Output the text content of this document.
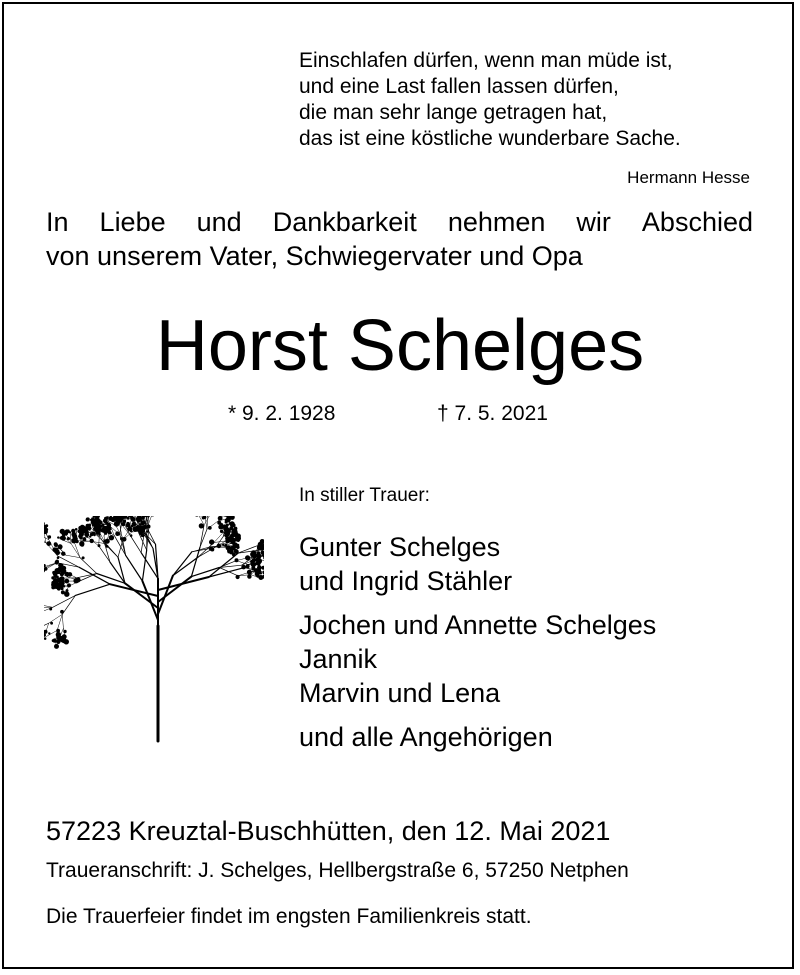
Einschlafen dürfen, wenn man müde ist,
und eine Last fallen lassen dürfen,
die man sehr lange getragen hat,
das ist eine köstliche wunderbare Sache.
Hermann Hesse
In Liebe und Dankbarkeit nehmen wir Abschied
von unserem Vater, Schwiegervater und Opa
Horst Schelges
* 9. 2. 1928	† 7. 5. 2021
In stiller Trauer:
Gunter Schelges
und Ingrid Stähler
Jochen und Annette Schelges
Jannik
Marvin und Lena
und alle Angehörigen
57223 Kreuztal-Buschhütten, den 12. Mai 2021
Traueranschrift: J. Schelges, Hellbergstraße 6, 57250 Netphen
Die Trauerfeier findet im engsten Familienkreis statt.
